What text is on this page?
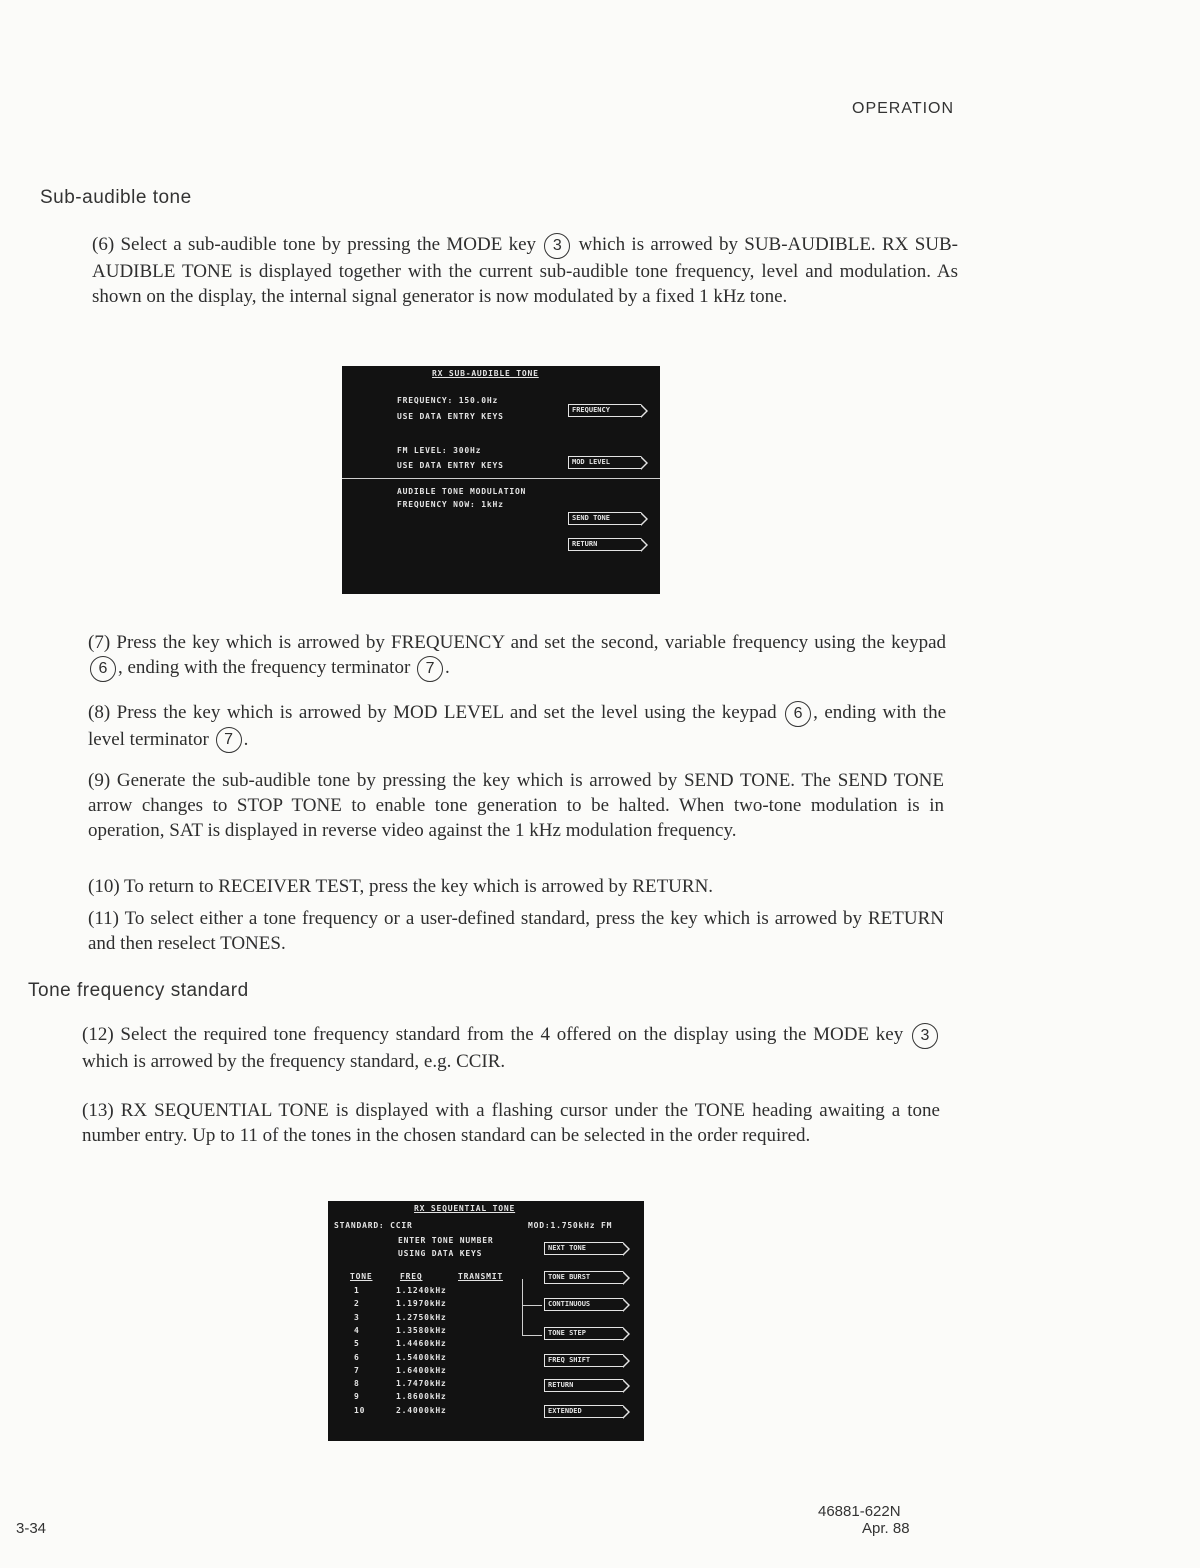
OPERATION
Sub-audible tone

(6) Select a sub-audible tone by pressing the MODE key 3 which is arrowed by SUB-AUDIBLE. RX SUB-AUDIBLE TONE is displayed together with the current sub-audible tone frequency, level and modulation. As shown on the display, the internal signal generator is now modulated by a fixed 1 kHz tone.

RX SUB-AUDIBLE TONE
FREQUENCY: 150.0Hz
USE DATA ENTRY KEYS
FM LEVEL: 300Hz
USE DATA ENTRY KEYS
AUDIBLE TONE MODULATION
FREQUENCY NOW: 1kHz
FREQUENCY
MOD LEVEL
SEND TONE
RETURN

(7) Press the key which is arrowed by FREQUENCY and set the second, variable frequency using the keypad 6 , ending with the frequency terminator 7 .

(8) Press the key which is arrowed by MOD LEVEL and set the level using the keypad 6 , ending with the level terminator 7 .

(9) Generate the sub-audible tone by pressing the key which is arrowed by SEND TONE. The SEND TONE arrow changes to STOP TONE to enable tone generation to be halted. When two-tone modulation is in operation, SAT is displayed in reverse video against the 1 kHz modulation frequency.

(10) To return to RECEIVER TEST, press the key which is arrowed by RETURN.

(11) To select either a tone frequency or a user-defined standard, press the key which is arrowed by RETURN and then reselect TONES.

Tone frequency standard

(12) Select the required tone frequency standard from the 4 offered on the display using the MODE key 3 which is arrowed by the frequency standard, e.g. CCIR.

(13) RX SEQUENTIAL TONE is displayed with a flashing cursor under the TONE heading awaiting a tone number entry. Up to 11 of the tones in the chosen standard can be selected in the order required.

RX SEQUENTIAL TONE
STANDARD: CCIR	MOD:1.750kHz FM
ENTER TONE NUMBER
USING DATA KEYS
TONE	FREQ	TRANSMIT
1	1.1240kHz
2	1.1970kHz
3	1.2750kHz
4	1.3580kHz
5	1.4460kHz
6	1.5400kHz
7	1.6400kHz
8	1.7470kHz
9	1.8600kHz
10	2.4000kHz
NEXT TONE
TONE BURST
CONTINUOUS
TONE STEP
FREQ SHIFT
RETURN
EXTENDED
3-34
46881-622N
Apr. 88
